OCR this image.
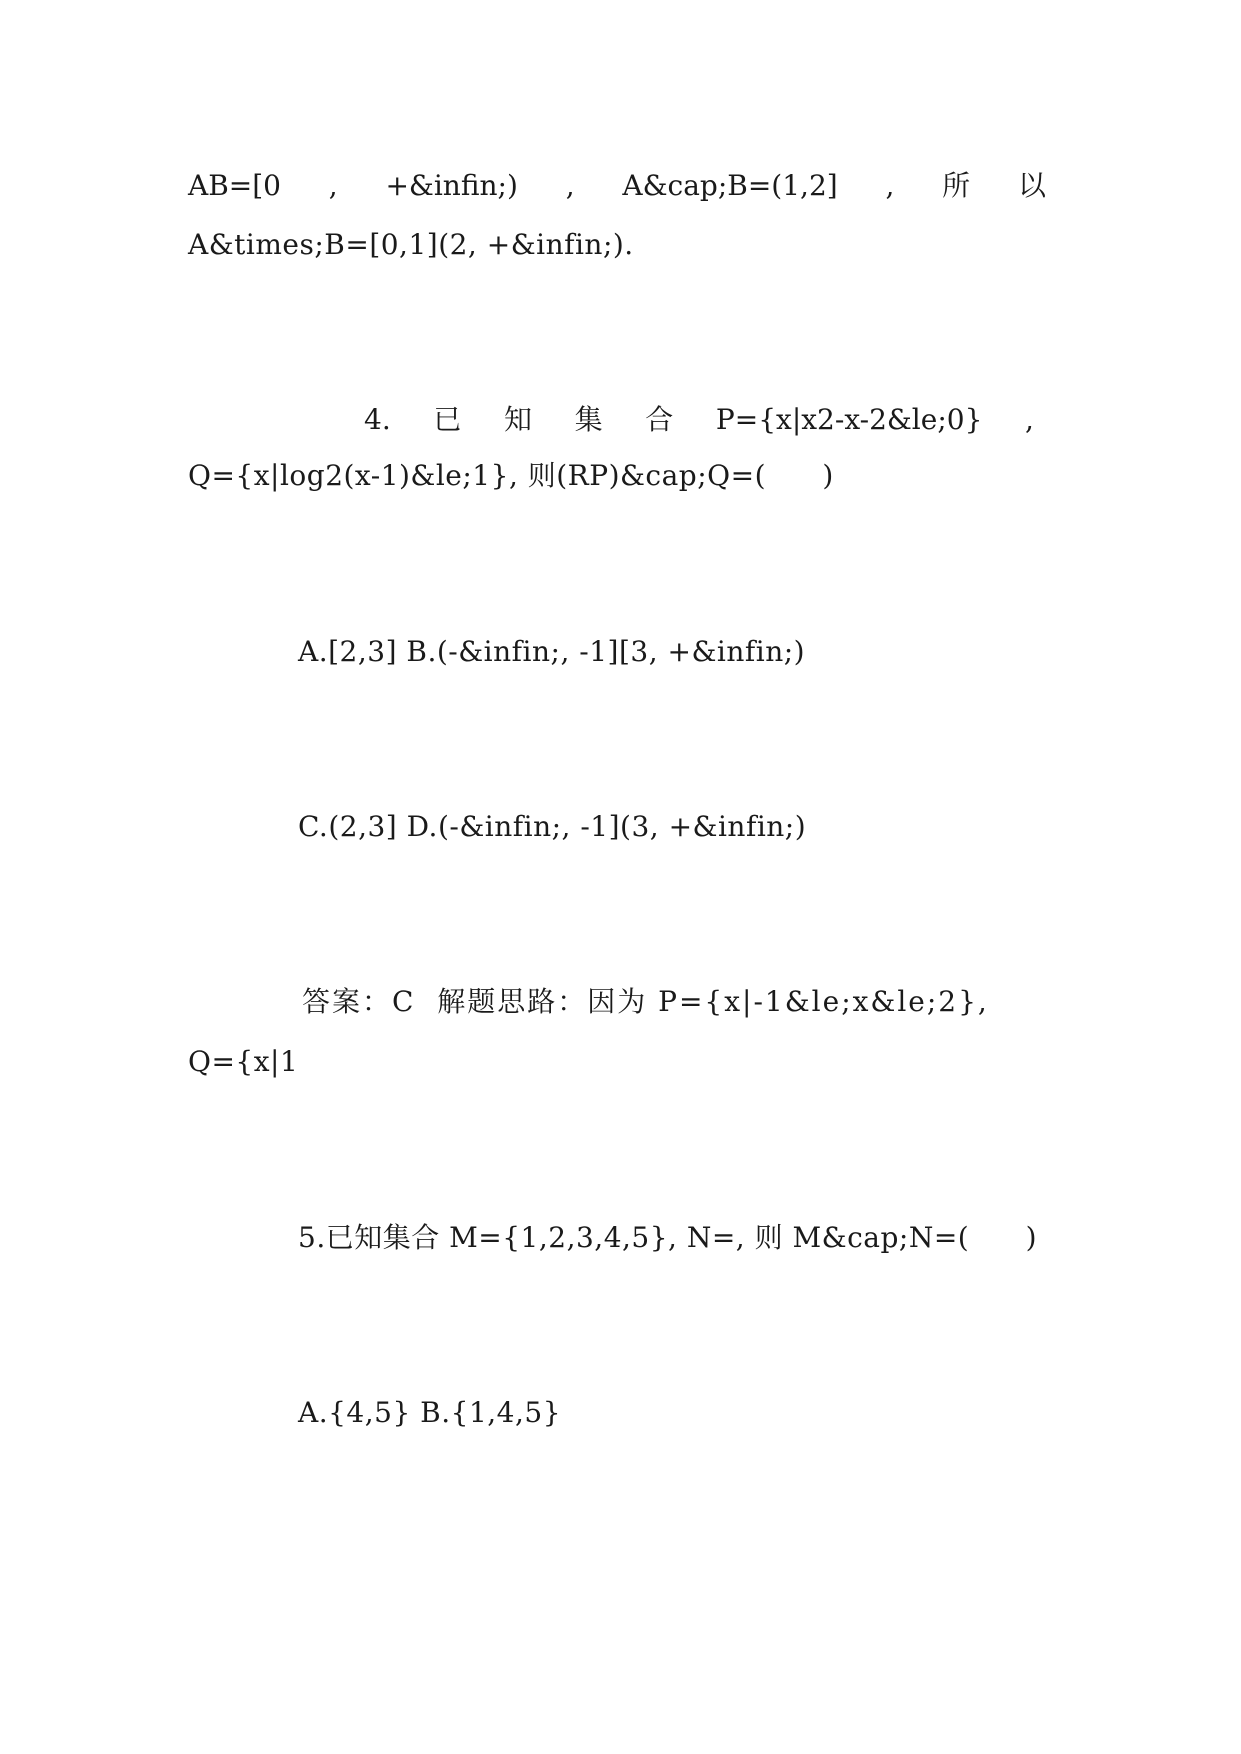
AB=[0 , +&infin;) , A&cap;B=(1,2] , 所 以
A&times;B=[0,1](2, +&infin;).
4. 已 知 集 合 P={x|x2-x-2&le;0} ,
Q={x|log2(x-1)&le;1}, 则(RP)&cap;Q=(      )
A.[2,3] B.(-&infin;, -1][3, +&infin;)
C.(2,3] D.(-&infin;, -1](3, +&infin;)
答案：C  解题思路：因为 P={x|-1&le;x&le;2},
Q={x|1
5.已知集合 M={1,2,3,4,5}, N=, 则 M&cap;N=(      )
A.{4,5} B.{1,4,5}
